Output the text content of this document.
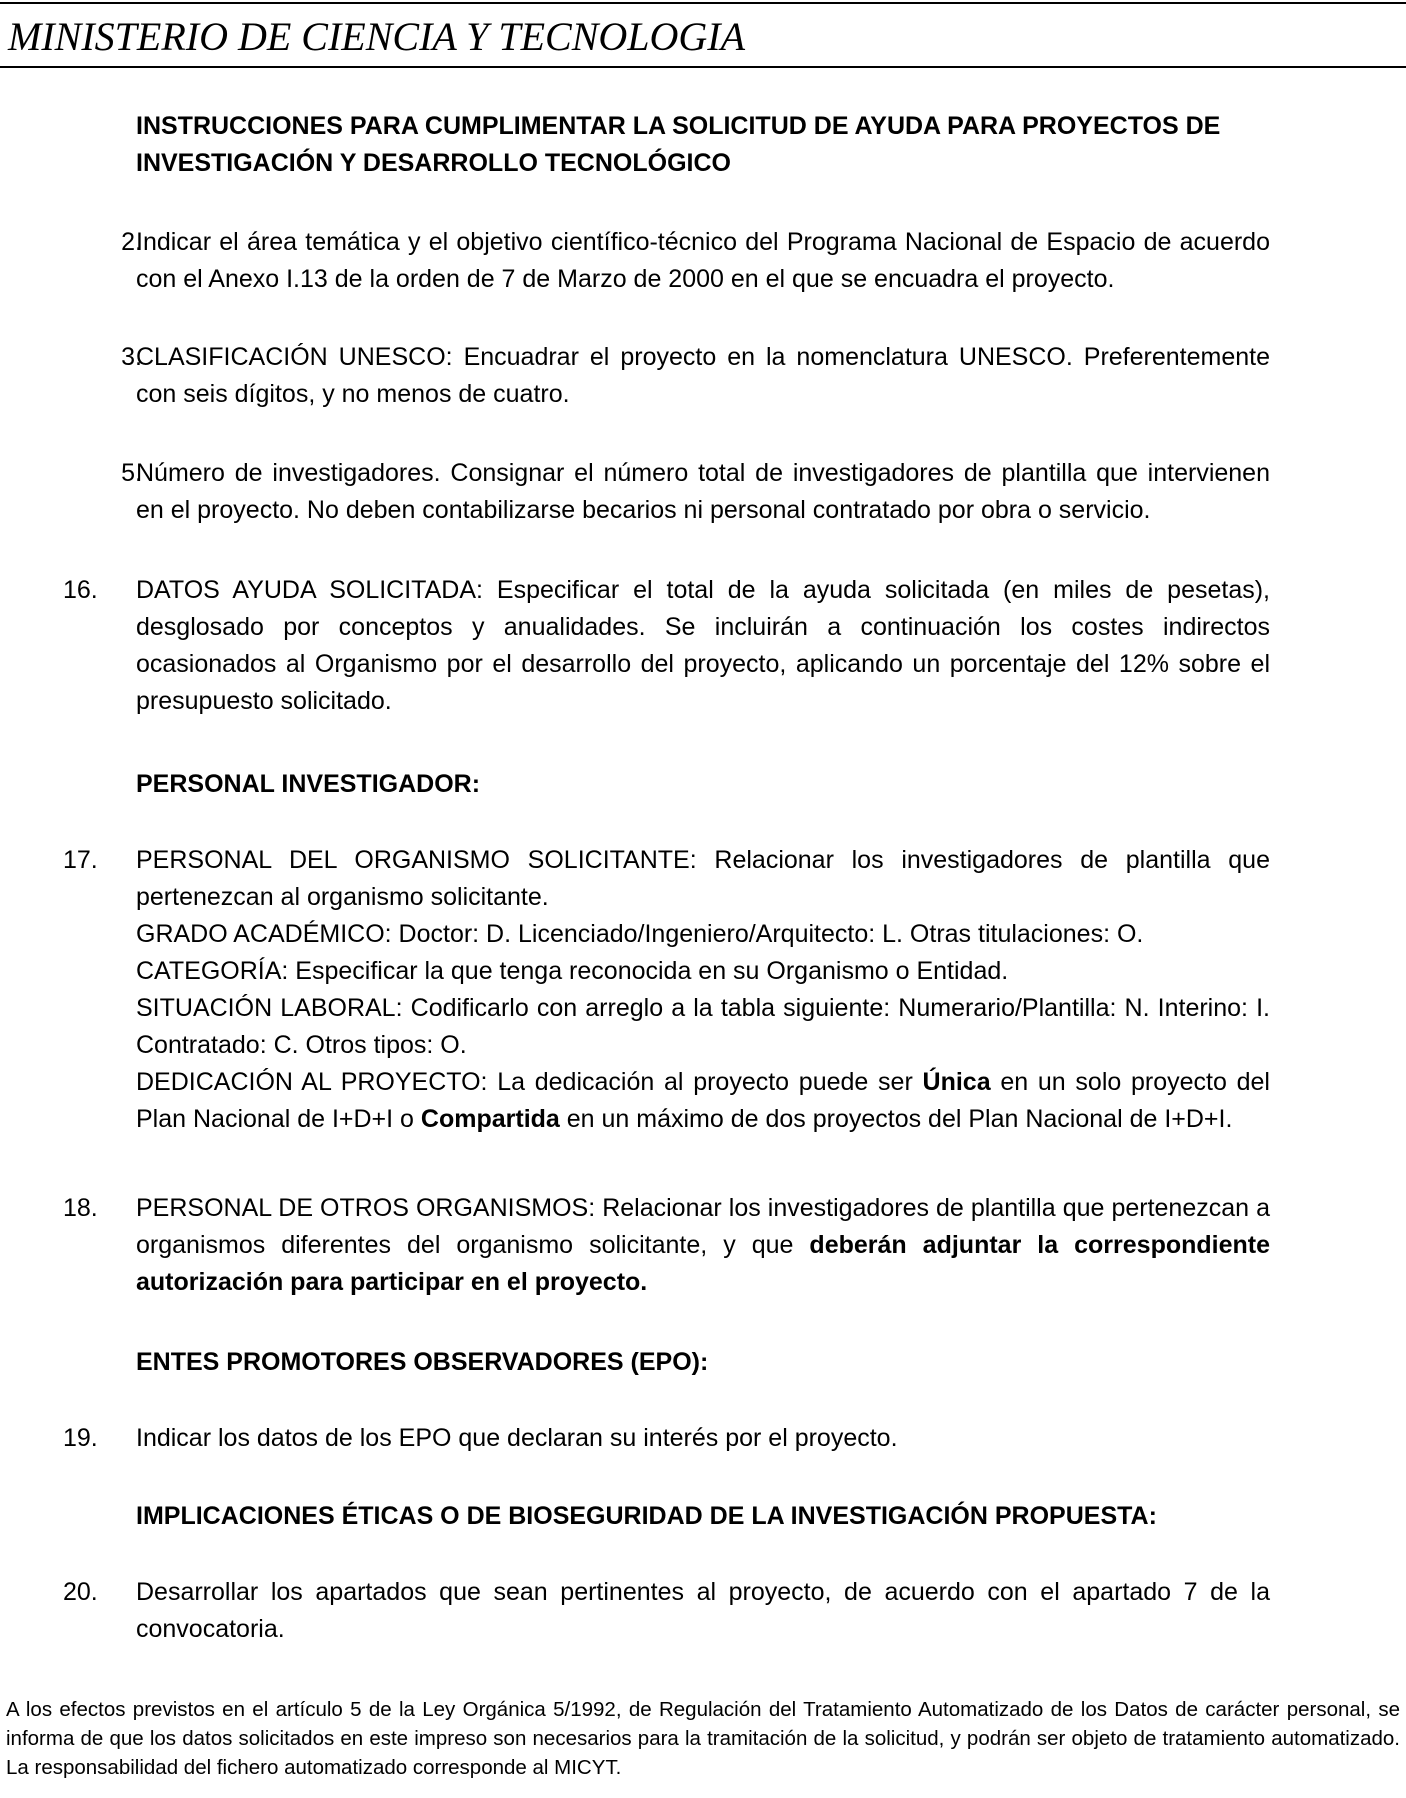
MINISTERIO DE CIENCIA Y TECNOLOGIA
INSTRUCCIONES PARA CUMPLIMENTAR LA SOLICITUD DE AYUDA PARA PROYECTOS DE INVESTIGACIÓN Y DESARROLLO TECNOLÓGICO
2.

Indicar el área temática y el objetivo científico-técnico del Programa Nacional de Espacio de acuerdo con el Anexo I.13 de la orden de 7 de Marzo de 2000 en el que se encuadra el proyecto.

3.

CLASIFICACIÓN UNESCO: Encuadrar el proyecto en la nomenclatura UNESCO. Preferentemente con seis dígitos, y no menos de cuatro.

5.

Número de investigadores. Consignar el número total de investigadores de plantilla que intervienen en el proyecto. No deben contabilizarse becarios ni personal contratado por obra o servicio.

16. DATOS AYUDA SOLICITADA: Especificar el total de la ayuda solicitada (en miles de pesetas), desglosado por conceptos y anualidades. Se incluirán a continuación los costes indirectos ocasionados al Organismo por el desarrollo del proyecto, aplicando un porcentaje del 12% sobre el presupuesto solicitado.

PERSONAL INVESTIGADOR:
17. PERSONAL DEL ORGANISMO SOLICITANTE: Relacionar los investigadores de plantilla que pertenezcan al organismo solicitante.

GRADO ACADÉMICO: Doctor: D. Licenciado/Ingeniero/Arquitecto: L. Otras titulaciones: O.

CATEGORÍA: Especificar la que tenga reconocida en su Organismo o Entidad.

SITUACIÓN LABORAL: Codificarlo con arreglo a la tabla siguiente: Numerario/Plantilla: N. Interino: I. Contratado: C. Otros tipos: O.

DEDICACIÓN AL PROYECTO: La dedicación al proyecto puede ser Única en un solo proyecto del Plan Nacional de I+D+I o Compartida en un máximo de dos proyectos del Plan Nacional de I+D+I.

18. PERSONAL DE OTROS ORGANISMOS: Relacionar los investigadores de plantilla que pertenezcan a organismos diferentes del organismo solicitante, y que deberán adjuntar la correspondiente autorización para participar en el proyecto.

ENTES PROMOTORES OBSERVADORES (EPO):
19. Indicar los datos de los EPO que declaran su interés por el proyecto.

IMPLICACIONES ÉTICAS O DE BIOSEGURIDAD DE LA INVESTIGACIÓN PROPUESTA:
20. Desarrollar los apartados que sean pertinentes al proyecto, de acuerdo con el apartado 7 de la convocatoria.

A los efectos previstos en el artículo 5 de la Ley Orgánica 5/1992, de Regulación del Tratamiento Automatizado de los Datos de carácter personal, se informa de que los datos solicitados en este impreso son necesarios para la tramitación de la solicitud, y podrán ser objeto de tratamiento automatizado. La responsabilidad del fichero automatizado corresponde al MICYT.
